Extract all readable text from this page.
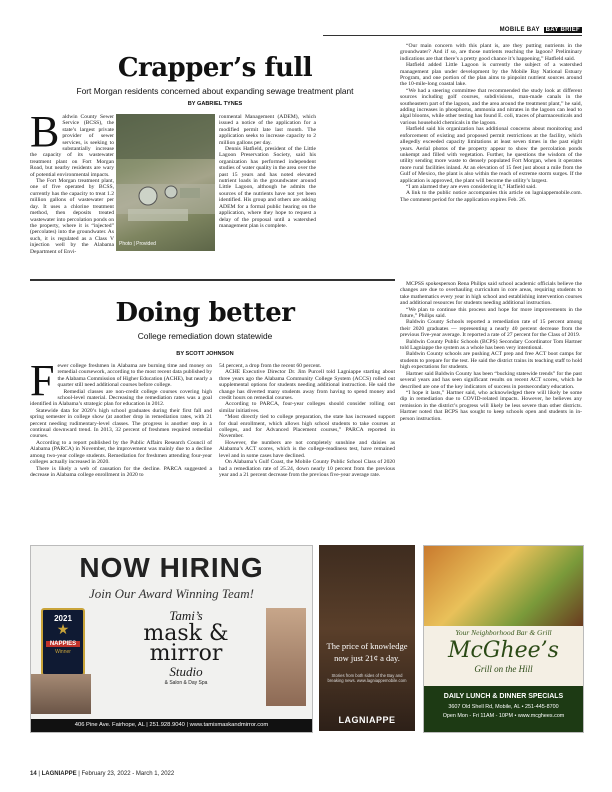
MOBILE BAY BAY BRIEF
Crapper’s full
Fort Morgan residents concerned about expanding sewage treatment plant
BY GABRIEL TYNES
Photo | Provided
B aldwin County Sewer Service (BCSS), the state’s largest private provider of sewer services, is seeking to substantially increase the capacity of its wastewater treatment plant on Fort Morgan Road, but nearby residents are wary of potential environmental impacts.

The Fort Morgan treatment plant, one of five operated by BCSS, currently has the capacity to treat 1.2 million gallons of wastewater per day. It uses a chlorine treatment method, then deposits treated wastewater into percolation ponds on the property, where it is “injected” (percolates) into the groundwater. As such, it is regulated as a Class V injection well by the Alabama Department of Envi-

ronmental Management (ADEM), which issued a notice of the application for a modified permit late last month. The application seeks to increase capacity to 2 million gallons per day.

Dennis Hatfield, president of the Little Lagoon Preservation Society, said his organization has performed independent studies of water quality in the area over the past 15 years and has noted elevated nutrient loads in the groundwater around Little Lagoon, although he admits the sources of the nutrients have not yet been identified. His group and others are asking ADEM for a formal public hearing on the application, where they hope to request a delay of the proposal until a watershed management plan is complete.

“Our main concern with this plant is, are they putting nutrients in the groundwater? And if so, are those nutrients reaching the lagoon? Preliminary indications are that there’s a pretty good chance it’s happening,” Hatfield said.

Hatfield added Little Lagoon is currently the subject of a watershed management plan under development by the Mobile Bay National Estuary Program, and one portion of the plan aims to pinpoint nutrient sources around the 10-mile-long coastal lake.

“We had a steering committee that recommended the study look at different sources including golf courses, subdivisions, man-made canals in the southeastern part of the lagoon, and the area around the treatment plant,” he said, adding increases in phosphorus, ammonia and nitrates in the lagoon can lead to algal blooms, while other testing has found E. coli, traces of pharmaceuticals and various household chemicals in the lagoon.

Hatfield said his organization has additional concerns about monitoring and enforcement of existing and proposed permit restrictions at the facility, which allegedly exceeded capacity limitations at least seven times in the past eight years. Aerial photos of the property appear to show the percolation ponds unkempt and filled with vegetation. Further, he questions the wisdom of the utility sending more waste to densely populated Fort Morgan, when it operates more rural facilities inland. At an elevation of 15 feet just about a mile from the Gulf of Mexico, the plant is also within the reach of extreme storm surges. If the application is approved, the plant will become the utility’s largest.

“I am alarmed they are even considering it,” Hatfield said.

A link to the public notice accompanies this article on lagniappemobile.com. The comment period for the application expires Feb. 26.

Doing better
College remediation down statewide
BY SCOTT JOHNSON
F ewer college freshmen in Alabama are burning time and money on remedial coursework, according to the most recent data published by the Alabama Commission of Higher Education (ACHE), but nearly a quarter still need additional courses before college.

Remedial classes are non-credit college courses covering high school-level material. Decreasing the remediation rates was a goal identified in Alabama’s strategic plan for education in 2012.

Statewide data for 2020’s high school graduates during their first fall and spring semester in college show (at another drop in remediation rates, with 21 percent needing rudimentary-level classes. The progress is another step in a continual downward trend. In 2013, 32 percent of freshmen required remedial courses.

According to a report published by the Public Affairs Research Council of Alabama (PARCA) in November, the improvement was mainly due to a decline among two-year college students. Remediation for freshmen attending four-year colleges actually increased in 2020.

There is likely a web of causation for the decline. PARCA suggested a decrease in Alabama college enrollment in 2020 to

54 percent, a drop from the recent 60 percent.

ACHE Executive Director Dr. Jim Purcell told Lagniappe starting about three years ago the Alabama Community College System (ACCS) rolled out supplemental options for students needing additional instruction. He said the change has diverted many students away from having to spend money and credit hours on remedial courses.

According to PARCA, four-year colleges should consider rolling out similar initiatives.

“Most directly tied to college preparation, the state has increased support for dual enrollment, which allows high school students to take courses at colleges, and for Advanced Placement courses,” PARCA reported in November.

However, the numbers are not completely sunshine and daisies as Alabama’s ACT scores, which is the college-readiness test, have remained level and in some cases have declined.

On Alabama’s Gulf Coast, the Mobile County Public School Class of 2020 had a remediation rate of 25.24, down nearly 10 percent from the previous year and a 21 percent decrease from the previous five-year average rate.

MCPSS spokesperson Rena Philips said school academic officials believe the changes are due to overhauling curriculum in core areas, requiring students to take mathematics every year in high school and establishing intervention courses and additional resources for students needing additional instruction.

“We plan to continue this process and hope for more improvements in the future,” Philips said.

Baldwin County Schools reported a remediation rate of 15 percent among their 2020 graduates — representing a nearly 40 percent decrease from the previous five-year average. It reported a rate of 27 percent for the Class of 2019.

Baldwin County Public Schools (BCPS) Secondary Coordinator Tom Hartner told Lagniappe the system as a whole has been very intentional.

Baldwin County schools are pushing ACT prep and free ACT boot camps for students to prepare for the test. He said the district trains its teaching staff to hold high expectations for students.

Hartner said Baldwin County has been “bucking statewide trends” for the past several years and has seen significant results on recent ACT scores, which he described are one of the key indicators of success in postsecondary education.

“I hope it lasts,” Hartner said, who acknowledged there will likely be some dip in remediation due to COVID-related impacts. However, he believes any remission in the district’s progress will likely be less severe than other districts. Hartner noted that BCPS has sought to keep schools open and students in in-person instruction.

NOW HIRING
Join Our Award Winning Team!
2021
★
NAPPIES
Winner
Tami’s
mask &
mirror
Studio
& Salon & Day Spa
406 Pine Ave. Fairhope, AL | 251.928.9040 | www.tamismaskandmirror.com
The price of knowledge
now just 21¢ a day.
Stories from both sides of the Bay and breaking news. www.lagniappemobile.com
LAGNIAPPE
Your Neighborhood Bar & Grill
McGhee’s
Grill on the Hill
DAILY LUNCH & DINNER SPECIALS
3607 Old Shell Rd, Mobile, AL • 251-445-8700
Open Mon - Fri 11AM - 10PM • www.mcghees.com
14 | LAGNIAPPE | February 23, 2022 - March 1, 2022
